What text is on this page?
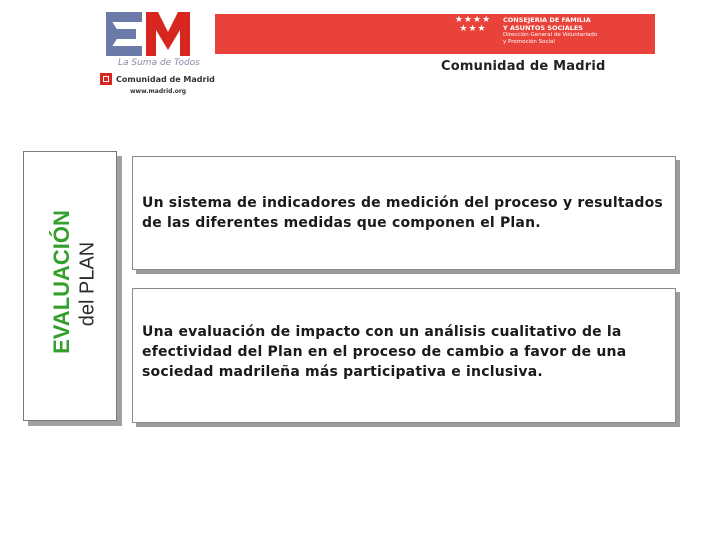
La Suma de Todos
Comunidad de Madrid
www.madrid.org
★★★★
★★★
CONSEJERIA DE FAMILIA
Y ASUNTOS SOCIALES
Dirección General de Voluntariado
y Promoción Social
Comunidad de Madrid
EVALUACIÓN del PLAN
Un sistema de indicadores de medición del proceso y resultados de las diferentes medidas que componen el Plan.
Una evaluación de impacto con un análisis cualitativo de la efectividad del Plan en el proceso de cambio a favor de una sociedad madrileña más participativa e inclusiva.
